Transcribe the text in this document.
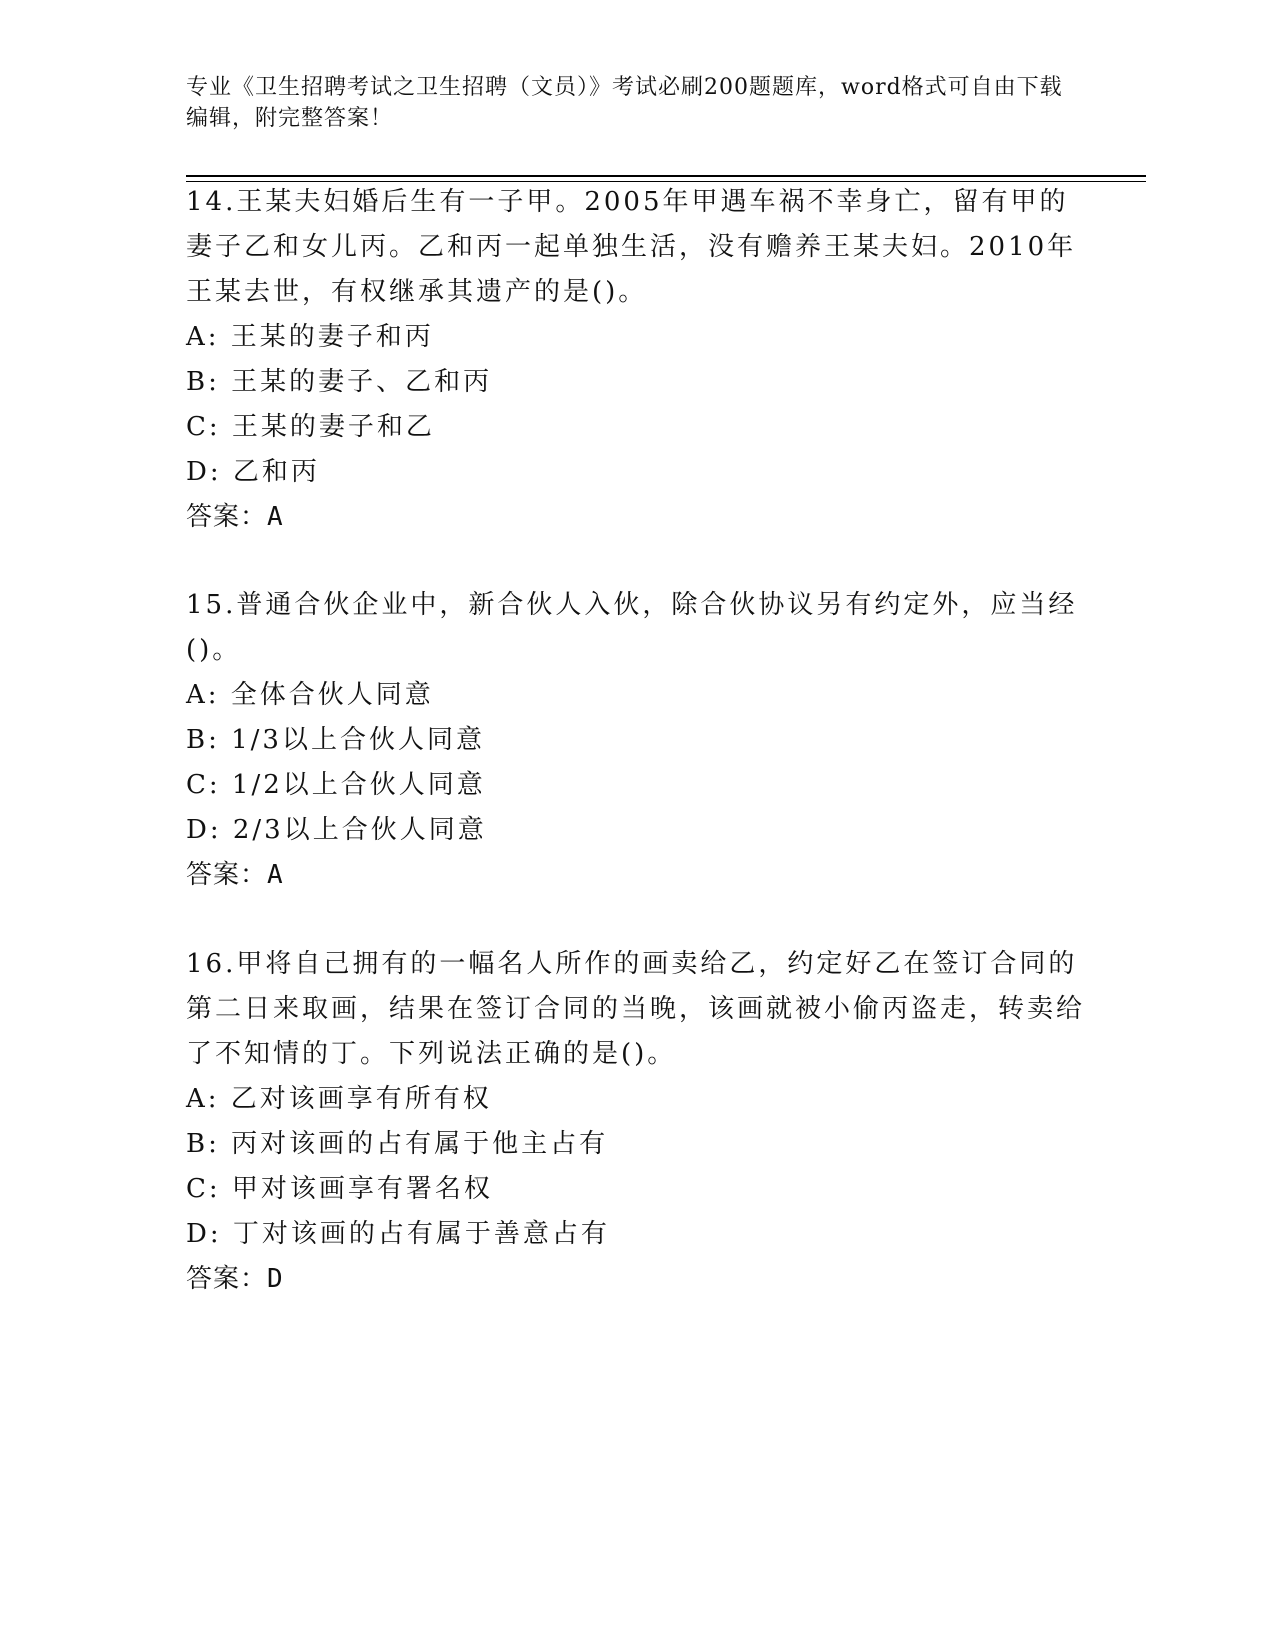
专业《卫生招聘考试之卫生招聘（文员）》考试必刷200题题库，word格式可自由下载编辑，附完整答案！

14.王某夫妇婚后生有一子甲。2005年甲遇车祸不幸身亡，留有甲的妻子乙和女儿丙。乙和丙一起单独生活，没有赡养王某夫妇。2010年王某去世，有权继承其遗产的是()。

A: 王某的妻子和丙

B: 王某的妻子、乙和丙

C: 王某的妻子和乙

D: 乙和丙

答案：A

15.普通合伙企业中，新合伙人入伙，除合伙协议另有约定外，应当经()。

A: 全体合伙人同意

B: 1/3以上合伙人同意

C: 1/2以上合伙人同意

D: 2/3以上合伙人同意

答案：A

16.甲将自己拥有的一幅名人所作的画卖给乙，约定好乙在签订合同的第二日来取画，结果在签订合同的当晚，该画就被小偷丙盗走，转卖给了不知情的丁。下列说法正确的是()。

A: 乙对该画享有所有权

B: 丙对该画的占有属于他主占有

C: 甲对该画享有署名权

D: 丁对该画的占有属于善意占有

答案：D
